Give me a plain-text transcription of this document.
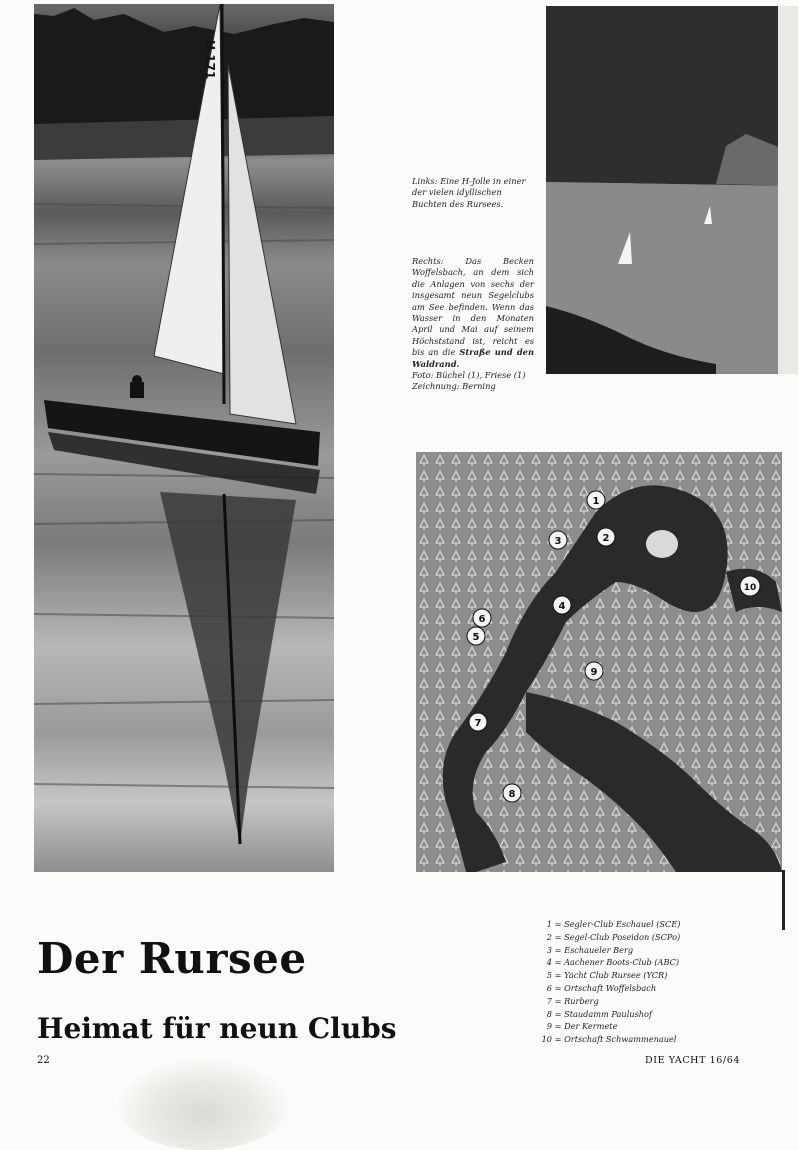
H 171
Links: Eine H-Jolle in einer der vielen idyllischen Buchten des Rursees.
Rechts: Das Becken Woffelsbach, an dem sich die Anlagen von sechs der insgesamt neun Segelclubs am See befinden. Wenn das Wasser in den Monaten April und Mai auf seinem Höchststand ist, reicht es bis an die Straße und den Waldrand.
Foto: Büchel (1), Friese (1)
Zeichnung: Berning
1
2
3
4
5
6
7
8
9
10
1 = Segler-Club Eschauel (SCE)
2 = Segel-Club Poseidon (SCPo)
3 = Eschaueler Berg
4 = Aachener Boots-Club (ABC)
5 = Yacht Club Rursee (YCR)
6 = Ortschaft Woffelsbach
7 = Rurberg
8 = Staudamm Paulushof
9 = Der Kermete
10 = Ortschaft Schwammenauel
Der Rursee
Heimat für neun Clubs
22	DIE YACHT 16/64
